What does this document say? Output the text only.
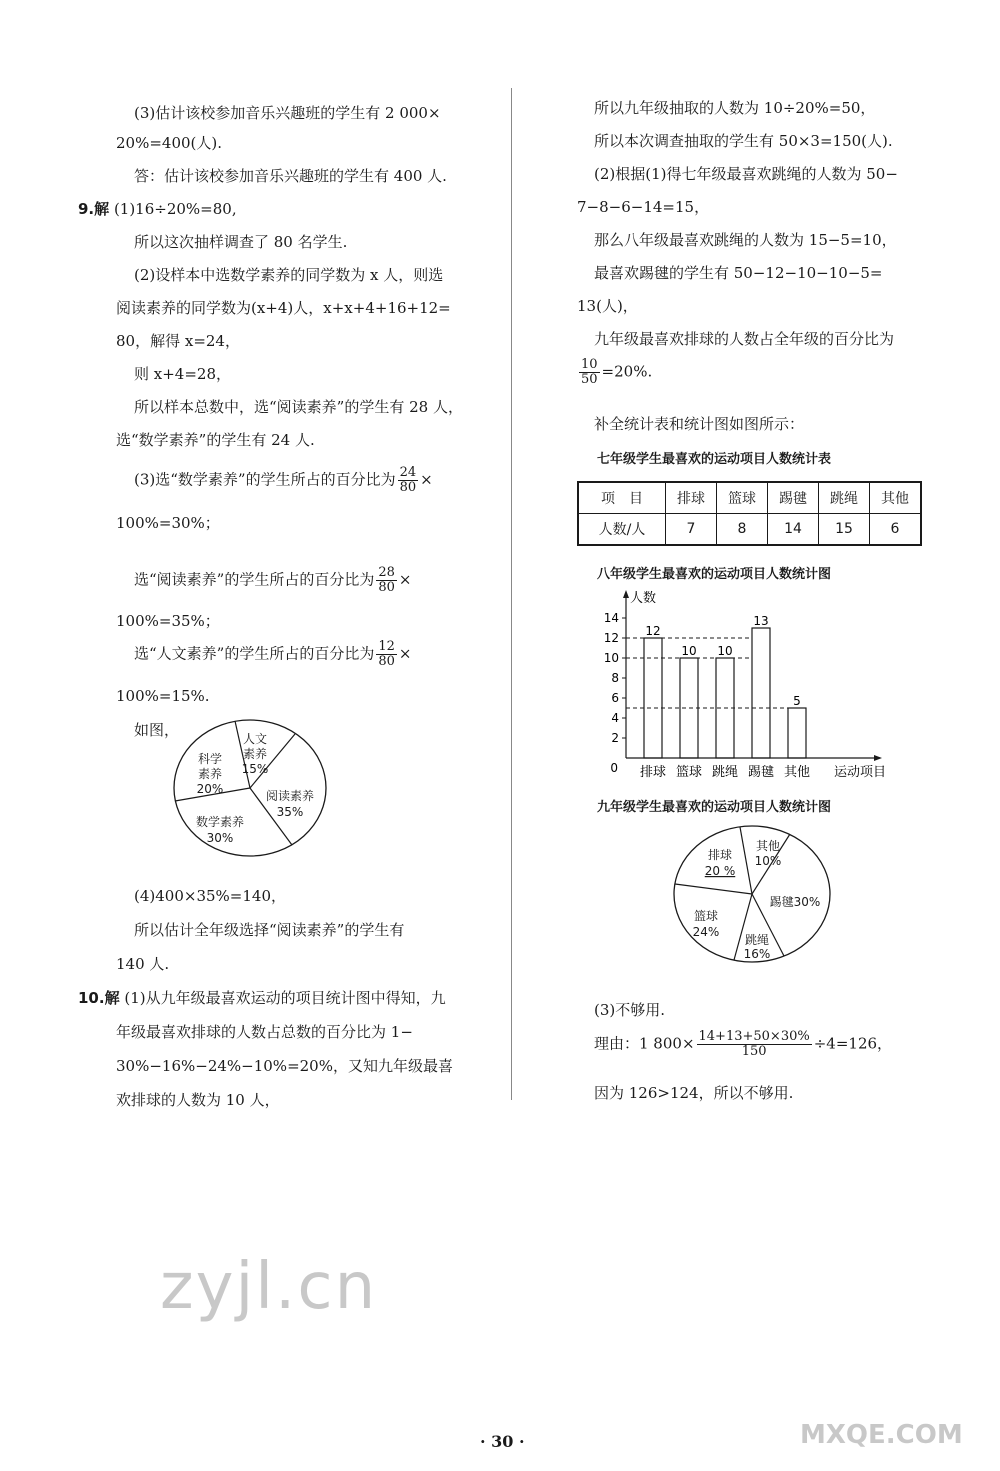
(3)估计该校参加音乐兴趣班的学生有 2 000×
20%=400(人).
答：估计该校参加音乐兴趣班的学生有 400 人.
9.解 (1)16÷20%=80,
所以这次抽样调查了 80 名学生.
(2)设样本中选数学素养的同学数为 x 人，则选
阅读素养的同学数为(x+4)人，x+x+4+16+12=
80，解得 x=24，
则 x+4=28，
所以样本总数中，选“阅读素养”的学生有 28 人，
选“数学素养”的学生有 24 人.
(3)选“数学素养”的学生所占的百分比为 $\frac{24}{80}$ ×
100%=30%；
选“阅读素养”的学生所占的百分比为 $\frac{28}{80}$ ×
100%=35%；
选“人文素养”的学生所占的百分比为 $\frac{12}{80}$ ×
100%=15%.
如图，	人文
素养
15%
科学
素养
20%	阅读素养
35%
数学素养
30%
(4)400×35%=140，
所以估计全年级选择“阅读素养”的学生有
140 人.
10.解 (1)从九年级最喜欢运动的项目统计图中得知，九
年级最喜欢排球的人数占总数的百分比为 1−
30%−16%−24%−10%=20%，又知九年级最喜
欢排球的人数为 10 人，
所以九年级抽取的人数为 10÷20%=50，
所以本次调查抽取的学生有 50×3=150(人).
(2)根据(1)得七年级最喜欢跳绳的人数为 50−
7−8−6−14=15，
那么八年级最喜欢跳绳的人数为 15−5=10，
最喜欢踢毽的学生有 50−12−10−10−5=
13(人)，
九年级最喜欢排球的人数占全年级的百分比为
$\frac{10}{50} =20\%$.
补全统计表和统计图如图所示：
七年级学生最喜欢的运动项目人数统计表
项　目	排球	篮球	踢毽	跳绳	其他
人数/人	7	8	14	15	6
八年级学生最喜欢的运动项目人数统计图
人数
0
2
4
6
8
10
12
14
12
排球
10
篮球
10
跳绳
13
踢毽
5
其他 运动项目
九年级学生最喜欢的运动项目人数统计图
其他
10%
排球
20 %
踢毽30%
篮球
24%
跳绳
16%
(3)不够用.
理由：1 $800\times \frac{14+13+50\times 30\%}{150} \div 4=126$，
因为 126>124，所以不够用.
zyjl.cn
MXQE.COM
· 30 ·
